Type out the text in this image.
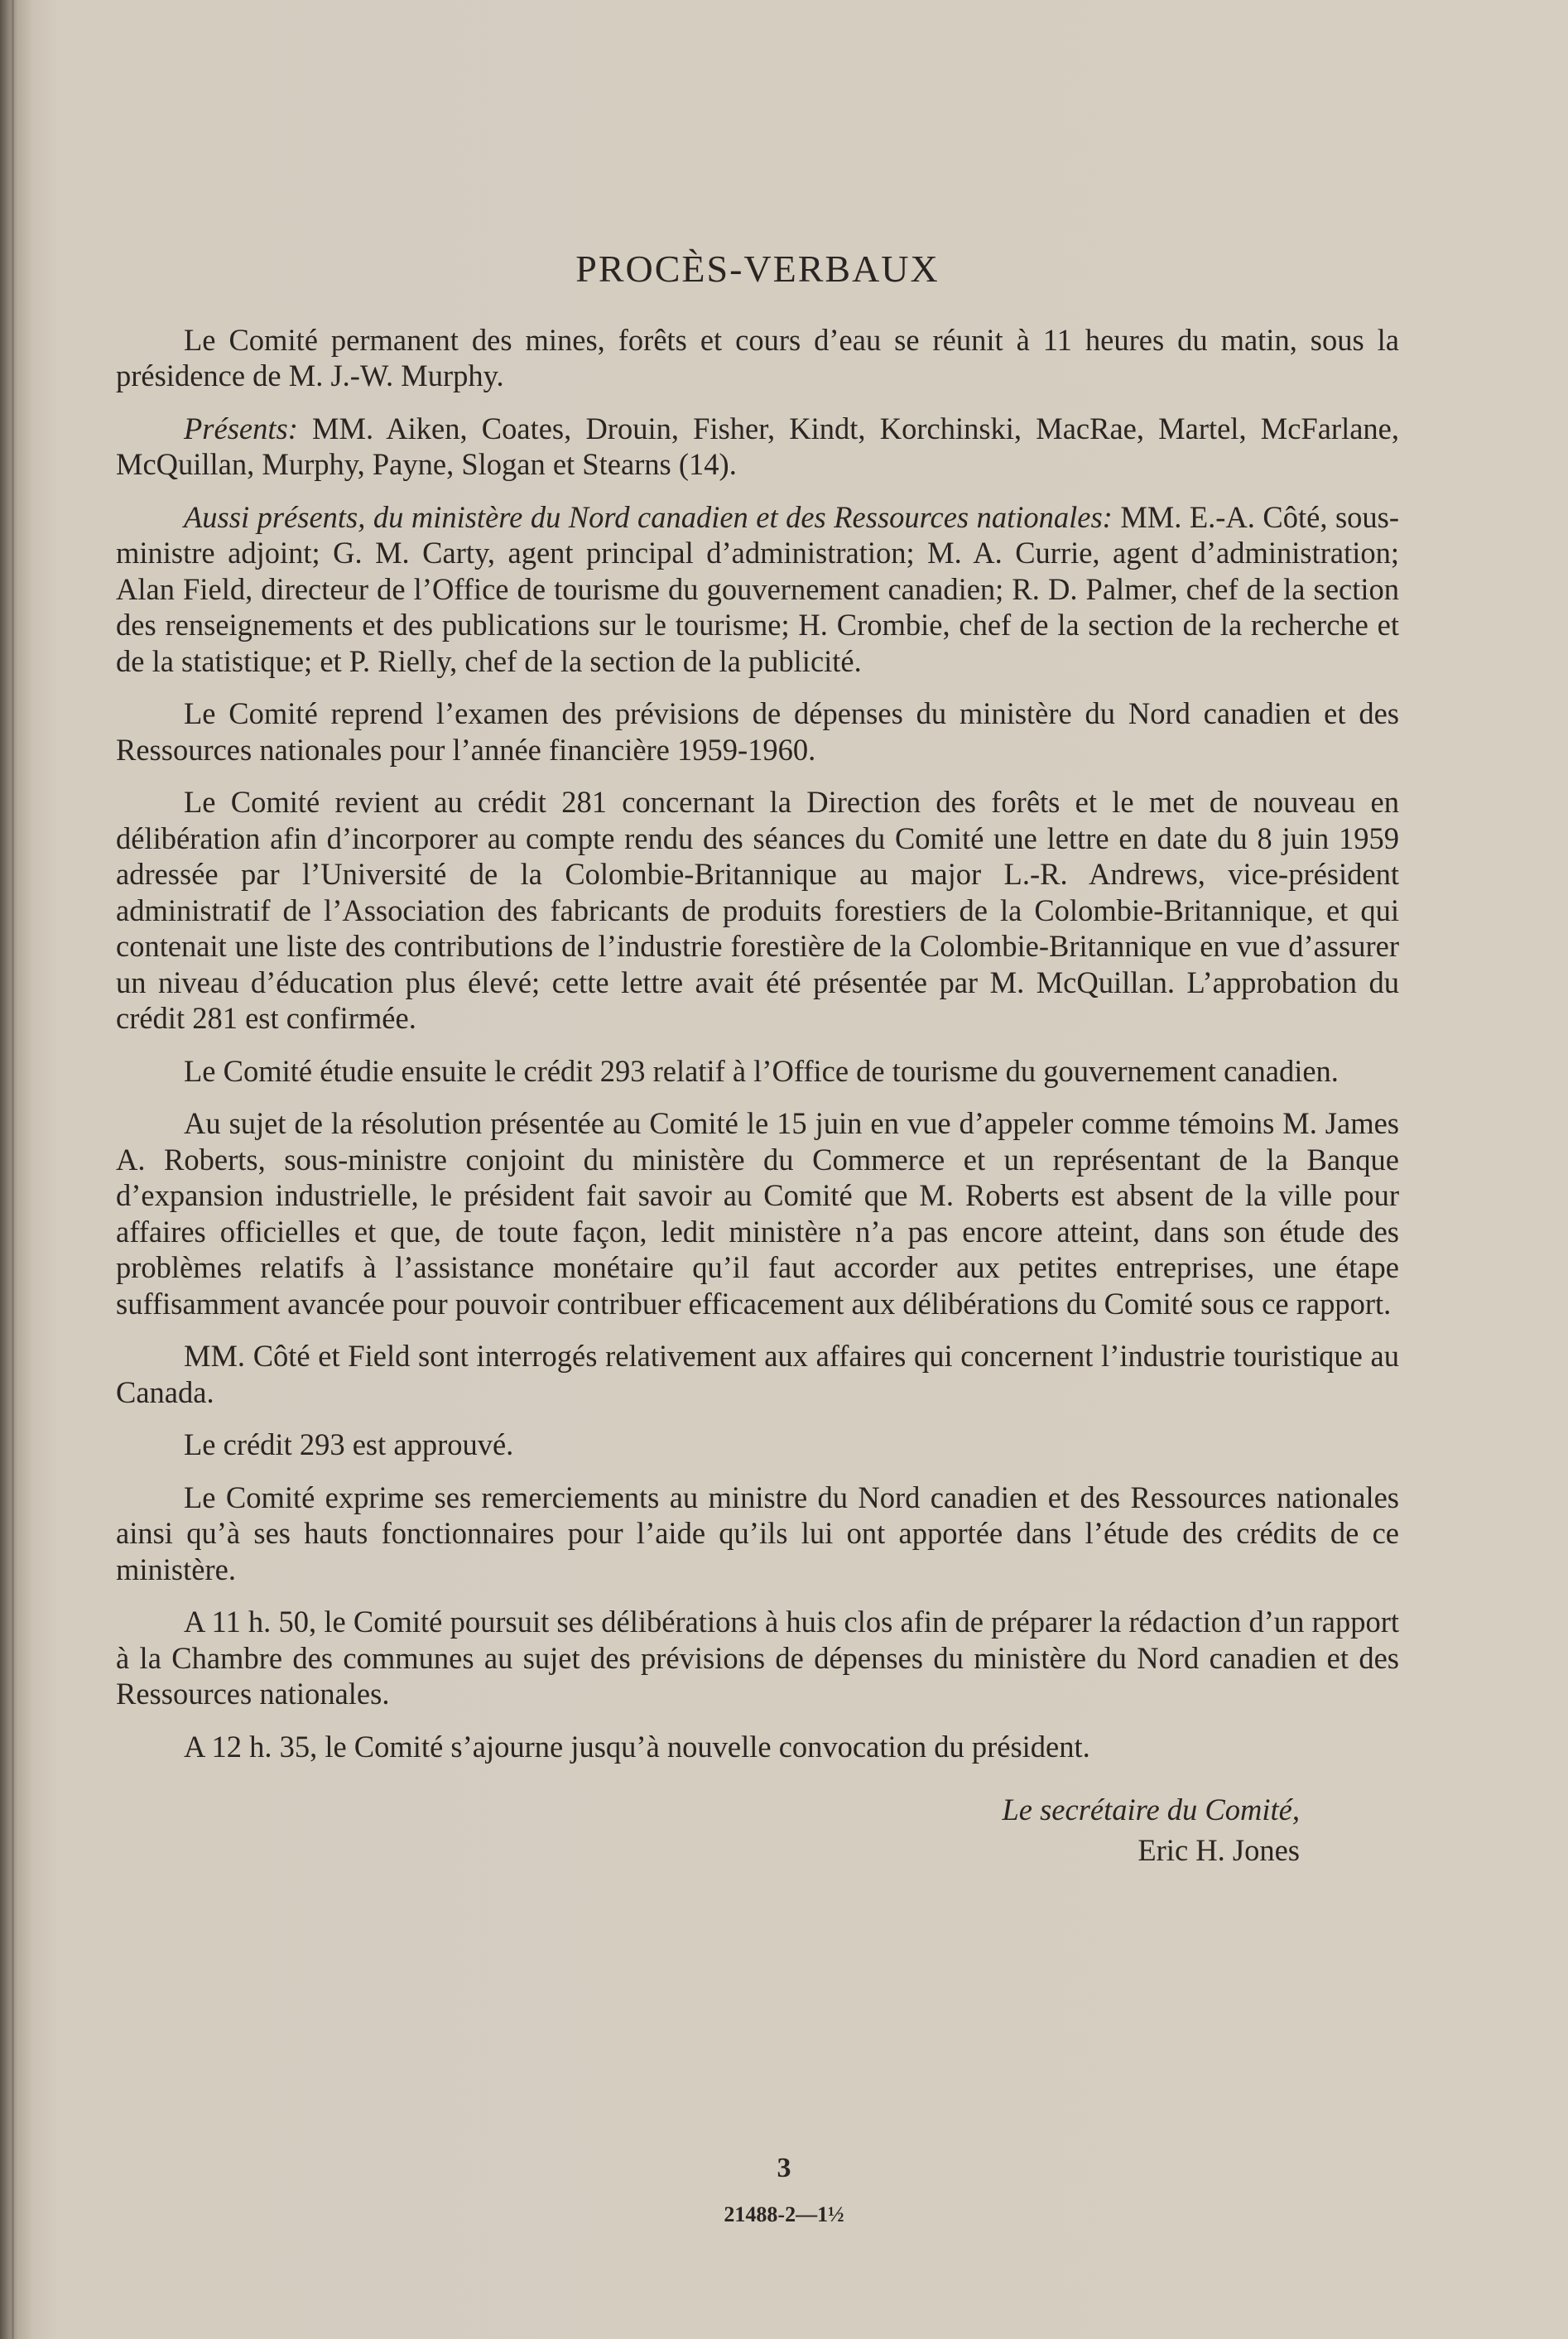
PROCÈS-VERBAUX

Le Comité permanent des mines, forêts et cours d’eau se réunit à 11 heures du matin, sous la présidence de M. J.-W. Murphy.

Présents: MM. Aiken, Coates, Drouin, Fisher, Kindt, Korchinski, MacRae, Martel, McFarlane, McQuillan, Murphy, Payne, Slogan et Stearns (14).

Aussi présents, du ministère du Nord canadien et des Ressources nationales: MM. E.-A. Côté, sous-ministre adjoint; G. M. Carty, agent principal d’administration; M. A. Currie, agent d’administration; Alan Field, directeur de l’Office de tourisme du gouvernement canadien; R. D. Palmer, chef de la section des renseignements et des publications sur le tourisme; H. Crombie, chef de la section de la recherche et de la statistique; et P. Rielly, chef de la section de la publicité.

Le Comité reprend l’examen des prévisions de dépenses du ministère du Nord canadien et des Ressources nationales pour l’année financière 1959-1960.

Le Comité revient au crédit 281 concernant la Direction des forêts et le met de nouveau en délibération afin d’incorporer au compte rendu des séances du Comité une lettre en date du 8 juin 1959 adressée par l’Université de la Colombie-Britannique au major L.-R. Andrews, vice-président administratif de l’Association des fabricants de produits forestiers de la Colombie-Britannique, et qui contenait une liste des contributions de l’industrie forestière de la Colombie-Britannique en vue d’assurer un niveau d’éducation plus élevé; cette lettre avait été présentée par M. McQuillan. L’approbation du crédit 281 est confirmée.

Le Comité étudie ensuite le crédit 293 relatif à l’Office de tourisme du gouvernement canadien.

Au sujet de la résolution présentée au Comité le 15 juin en vue d’appeler comme témoins M. James A. Roberts, sous-ministre conjoint du ministère du Commerce et un représentant de la Banque d’expansion industrielle, le président fait savoir au Comité que M. Roberts est absent de la ville pour affaires officielles et que, de toute façon, ledit ministère n’a pas encore atteint, dans son étude des problèmes relatifs à l’assistance monétaire qu’il faut accorder aux petites entreprises, une étape suffisamment avancée pour pouvoir contribuer efficacement aux délibérations du Comité sous ce rapport.

MM. Côté et Field sont interrogés relativement aux affaires qui concernent l’industrie touristique au Canada.

Le crédit 293 est approuvé.

Le Comité exprime ses remerciements au ministre du Nord canadien et des Ressources nationales ainsi qu’à ses hauts fonctionnaires pour l’aide qu’ils lui ont apportée dans l’étude des crédits de ce ministère.

A 11 h. 50, le Comité poursuit ses délibérations à huis clos afin de préparer la rédaction d’un rapport à la Chambre des communes au sujet des prévisions de dépenses du ministère du Nord canadien et des Ressources nationales.

A 12 h. 35, le Comité s’ajourne jusqu’à nouvelle convocation du président.

Le secrétaire du Comité,
Eric H. Jones
3
21488-2—1½
